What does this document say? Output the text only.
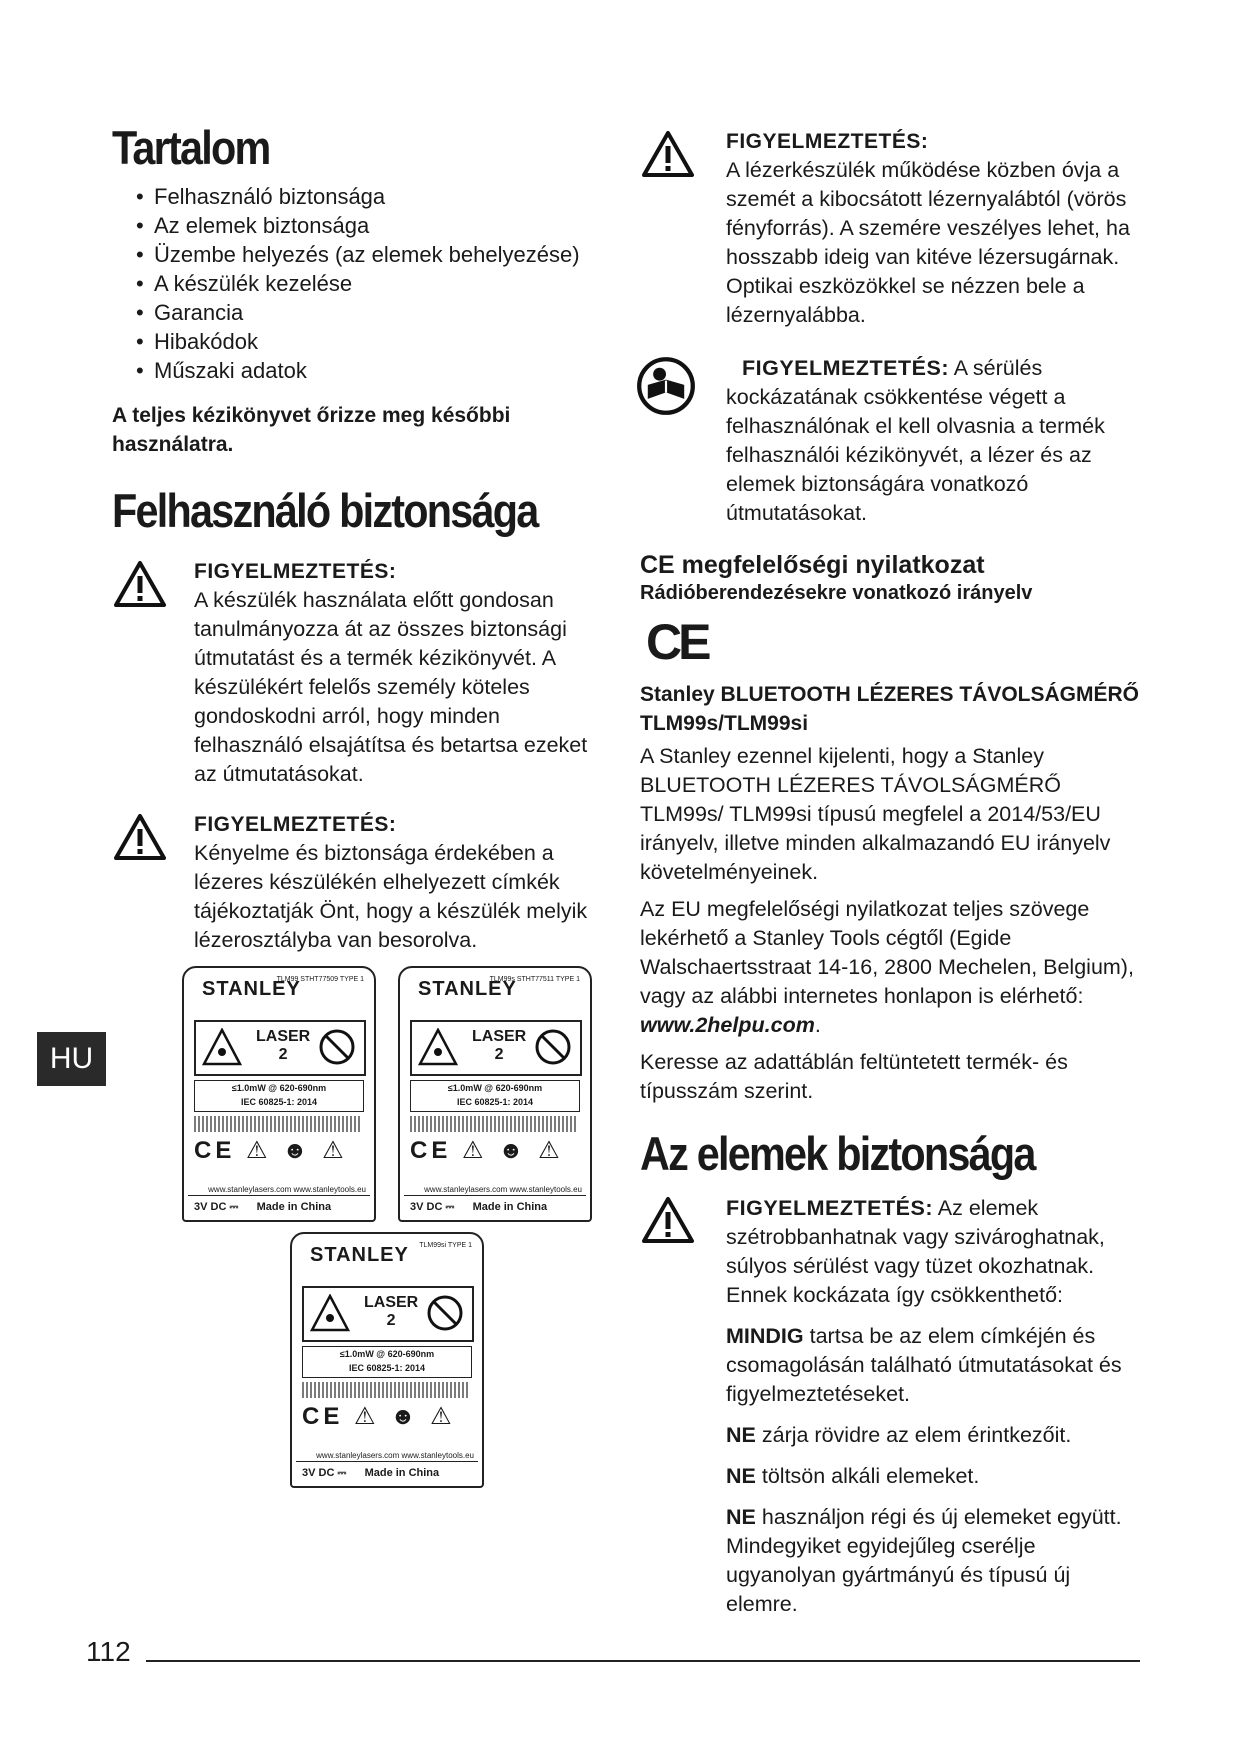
Tartalom
• Felhasználó biztonsága
• Az elemek biztonsága
• Üzembe helyezés (az elemek behelyezése)
• A készülék kezelése
• Garancia
• Hibakódok
• Műszaki adatok

A teljes kézikönyvet őrizze meg későbbi használatra.

Felhasználó biztonsága
FIGYELMEZTETÉS:

A készülék használata előtt gondosan tanulmányozza át az összes biztonsági útmutatást és a termék kézikönyvét. A készülékért felelős személy köteles gondoskodni arról, hogy minden felhasználó elsajátítsa és betartsa ezeket az útmutatásokat.

FIGYELMEZTETÉS:

Kényelme és biztonsága érdekében a lézeres készülékén elhelyezett címkék tájékoztatják Önt, hogy a készülék melyik lézerosztályba van besorolva.

STANLEY
TLM99 STHT77509 TYPE 1
LASER
2
≤1.0mW @ 620-690nm
IEC 60825-1: 2014
CE ⚠ ☻ ⚠
www.stanleylasers.com www.stanleytools.eu
3V DC ⎓      Made in China
STANLEY
TLM99s STHT77511 TYPE 1
LASER
2
≤1.0mW @ 620-690nm
IEC 60825-1: 2014
CE ⚠ ☻ ⚠
www.stanleylasers.com www.stanleytools.eu
3V DC ⎓      Made in China
STANLEY TLM99si TYPE 1
LASER
2
≤1.0mW @ 620-690nm
IEC 60825-1: 2014
CE ⚠ ☻ ⚠
www.stanleylasers.com www.stanleytools.eu
3V DC ⎓      Made in China
FIGYELMEZTETÉS:

A lézerkészülék működése közben óvja a szemét a kibocsátott lézernyalábtól (vörös fényforrás). A szemére veszélyes lehet, ha hosszabb ideig van kitéve lézersugárnak. Optikai eszközökkel se nézzen bele a lézernyalábba.

FIGYELMEZTETÉS: A sérülés kockázatának csökkentése végett a felhasználónak el kell olvasnia a termék felhasználói kézikönyvét, a lézer és az elemek biztonságára vonatkozó útmutatásokat.

CE megfelelőségi nyilatkozat
Rádióberendezésekre vonatkozó irányelv
CE
Stanley BLUETOOTH LÉZERES TÁVOLSÁGMÉRŐ TLM99s/TLM99si

A Stanley ezennel kijelenti, hogy a Stanley BLUETOOTH LÉZERES TÁVOLSÁGMÉRŐ TLM99s/ TLM99si típusú megfelel a 2014/53/EU irányelv, illetve minden alkalmazandó EU irányelv követelményeinek.

Az EU megfelelőségi nyilatkozat teljes szövege lekérhető a Stanley Tools cégtől (Egide Walschaertsstraat 14-16, 2800 Mechelen, Belgium), vagy az alábbi internetes honlapon is elérhető:
www.2helpu.com.

Keresse az adattáblán feltüntetett termék- és típusszám szerint.

Az elemek biztonsága

FIGYELMEZTETÉS: Az elemek szétrobbanhatnak vagy szivároghatnak, súlyos sérülést vagy tüzet okozhatnak. Ennek kockázata így csökkenthető:

MINDIG tartsa be az elem címkéjén és csomagolásán található útmutatásokat és figyelmeztetéseket.

NE zárja rövidre az elem érintkezőit.

NE töltsön alkáli elemeket.

NE használjon régi és új elemeket együtt. Mindegyiket egyidejűleg cserélje ugyanolyan gyártmányú és típusú új elemre.

HU
112
